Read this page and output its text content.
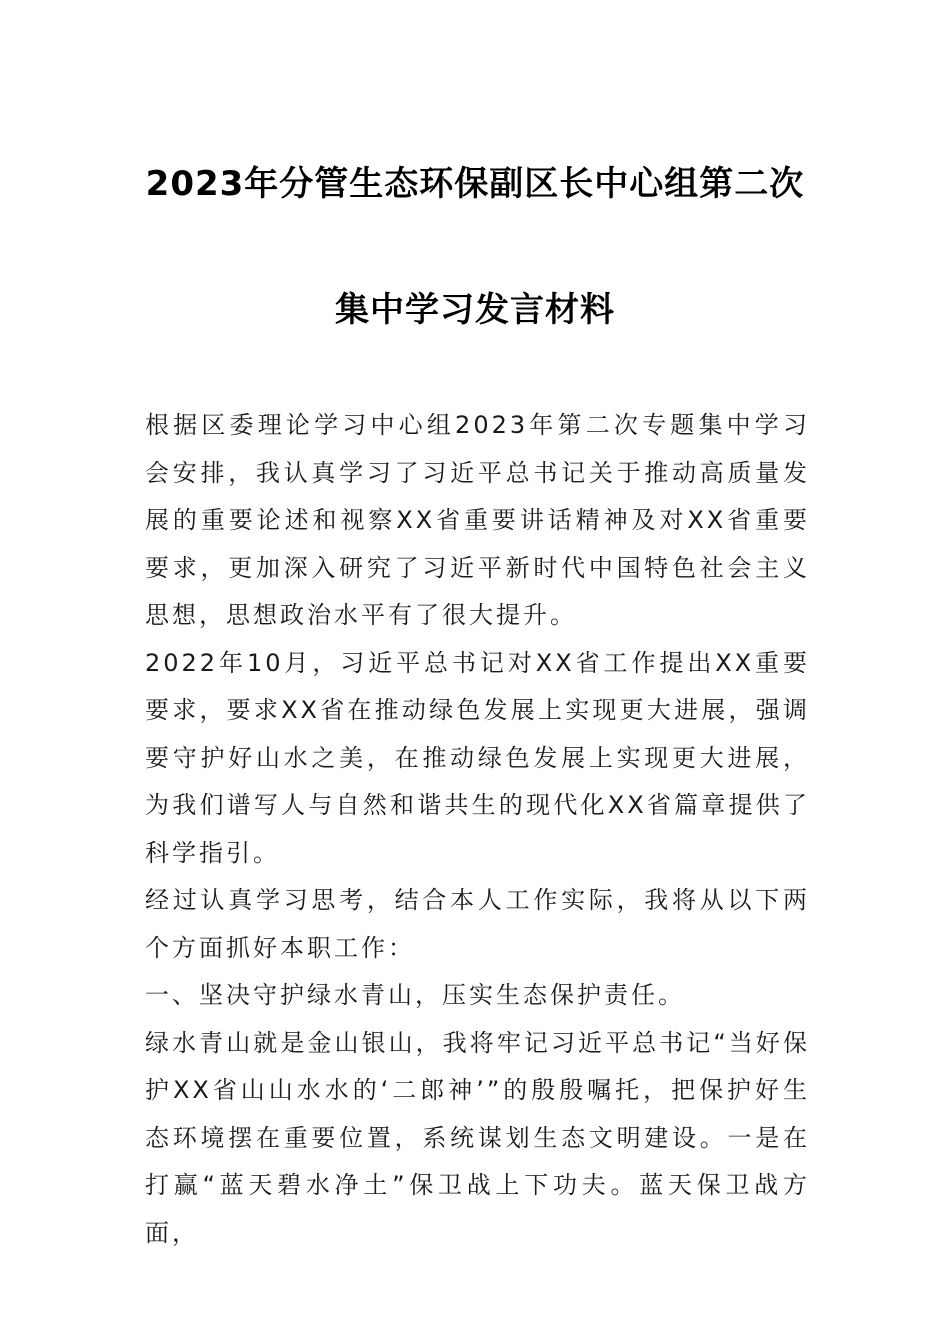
2023年分管生态环保副区长中心组第二次
集中学习发言材料

根据区委理论学习中心组2023年第二次专题集中学习会安排，我认真学习了习近平总书记关于推动高质量发展的重要论述和视察XX省重要讲话精神及对XX省重要要求，更加深入研究了习近平新时代中国特色社会主义思想，思想政治水平有了很大提升。

2022年10月，习近平总书记对XX省工作提出XX重要要求，要求XX省在推动绿色发展上实现更大进展，强调要守护好山水之美，在推动绿色发展上实现更大进展，为我们谱写人与自然和谐共生的现代化XX省篇章提供了科学指引。

经过认真学习思考，结合本人工作实际，我将从以下两个方面抓好本职工作：

一、坚决守护绿水青山，压实生态保护责任。

绿水青山就是金山银山，我将牢记习近平总书记“当好保护XX省山山水水的‘二郎神’”的殷殷嘱托，把保护好生态环境摆在重要位置，系统谋划生态文明建设。一是在打赢“蓝天碧水净土”保卫战上下功夫。蓝天保卫战方面，
